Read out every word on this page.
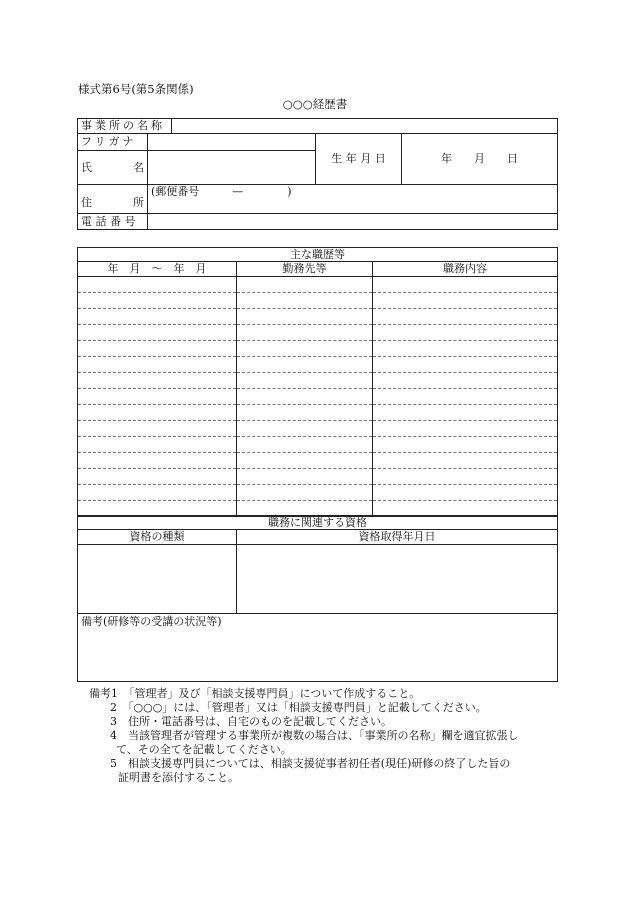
様式第6号(第5条関係)
○○○経歴書
事業所の名称				
フリガナ			生 年 月 日	年　　月　　日
氏 名				

住 所	(郵便番号　　　—　　　　)			
電 話 番 号				
主な職歴等		
年　月　～　年　月	勤務先等	職務内容

職務に関連する資格	
資格の種類	資格取得年月日

備考(研修等の受講の状況等)	
備考1　「管理者」及び「相談支援専門員」について作成すること。
2　「○○○」には、「管理者」又は「相談支援専門員」と記載してください。
3　住所・電話番号は、自宅のものを記載してください。
4　当該管理者が管理する事業所が複数の場合は、「事業所の名称」欄を適宜拡張し
て、その全てを記載してください。
5　相談支援専門員については、相談支援従事者初任者(現任)研修の終了した旨の
証明書を添付すること。
